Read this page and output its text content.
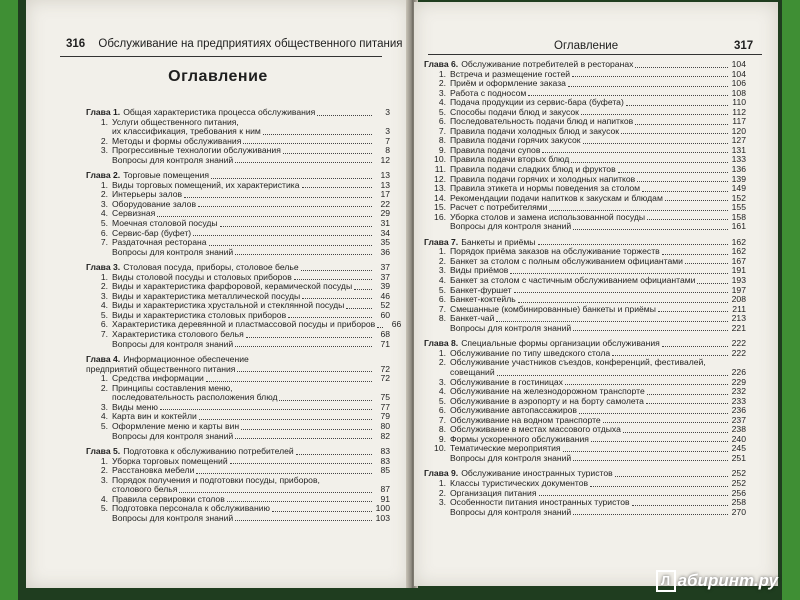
316 Обслуживание на предприятиях общественного питания
Оглавление
Глава 1. Общая характеристика процесса обслуживания	3
1. Услуги общественного питания,
их классификация, требования к ним	3
2. Методы и формы обслуживания	7
3. Прогрессивные технологии обслуживания	8
Вопросы для контроля знаний	12
Глава 2. Торговые помещения	13
1. Виды торговых помещений, их характеристика	13
2. Интерьеры залов	17
3. Оборудование залов	22
4. Сервизная	29
5. Моечная столовой посуды	31
6. Сервис-бар (буфет)	34
7. Раздаточная ресторана	35
Вопросы для контроля знаний	36
Глава 3. Столовая посуда, приборы, столовое белье	37
1. Виды столовой посуды и столовых приборов	37
2. Виды и характеристика фарфоровой, керамической посуды	39
3. Виды и характеристика металлической посуды	46
4. Виды и характеристика хрустальной и стеклянной посуды	52
5. Виды и характеристика столовых приборов	60
6. Характеристика деревянной и пластмассовой посуды и приборов	66
7. Характеристика столового белья	68
Вопросы для контроля знаний	71
Глава 4. Информационное обеспечение
предприятий общественного питания	72
1. Средства информации	72
2. Принципы составления меню,
последовательность расположения блюд	75
3. Виды меню	77
4. Карта вин и коктейли	79
5. Оформление меню и карты вин	80
Вопросы для контроля знаний	82
Глава 5. Подготовка к обслуживанию потребителей	83
1. Уборка торговых помещений	83
2. Расстановка мебели	85
3. Порядок получения и подготовки посуды, приборов,
столового белья	87
4. Правила сервировки столов	91
5. Подготовка персонала к обслуживанию	100
Вопросы для контроля знаний	103
Оглавление	317
Глава 6. Обслуживание потребителей в ресторанах	104
1. Встреча и размещение гостей	104
2. Приём и оформление заказа	106
3. Работа с подносом	108
4. Подача продукции из сервис-бара (буфета)	110
5. Способы подачи блюд и закусок	112
6. Последовательность подачи блюд и напитков	117
7. Правила подачи холодных блюд и закусок	120
8. Правила подачи горячих закусок	127
9. Правила подачи супов	131
10. Правила подачи вторых блюд	133
11. Правила подачи сладких блюд и фруктов	136
12. Правила подачи горячих и холодных напитков	139
13. Правила этикета и нормы поведения за столом	149
14. Рекомендации подачи напитков к закускам и блюдам	152
15. Расчет с потребителями	155
16. Уборка столов и замена использованной посуды	158
Вопросы для контроля знаний	161
Глава 7. Банкеты и приёмы	162
1. Порядок приёма заказов на обслуживание торжеств	162
2. Банкет за столом с полным обслуживанием официантами	167
3. Виды приёмов	191
4. Банкет за столом с частичным обслуживанием официантами	193
5. Банкет-фуршет	197
6. Банкет-коктейль	208
7. Смешанные (комбинированные) банкеты и приёмы	211
8. Банкет-чай	213
Вопросы для контроля знаний	221
Глава 8. Специальные формы организации обслуживания	222
1. Обслуживание по типу шведского стола	222
2. Обслуживание участников съездов, конференций, фестивалей,
совещаний	226
3. Обслуживание в гостиницах	229
4. Обслуживание на железнодорожном транспорте	232
5. Обслуживание в аэропорту и на борту самолета	233
6. Обслуживание автопассажиров	236
7. Обслуживание на водном транспорте	237
8. Обслуживание в местах массового отдыха	238
9. Формы ускоренного обслуживания	240
10. Тематические мероприятия	245
Вопросы для контроля знаний	251
Глава 9. Обслуживание иностранных туристов	252
1. Классы туристических документов	252
2. Организация питания	256
3. Особенности питания иностранных туристов	258
Вопросы для контроля знаний	270
Л абиринт.ру
